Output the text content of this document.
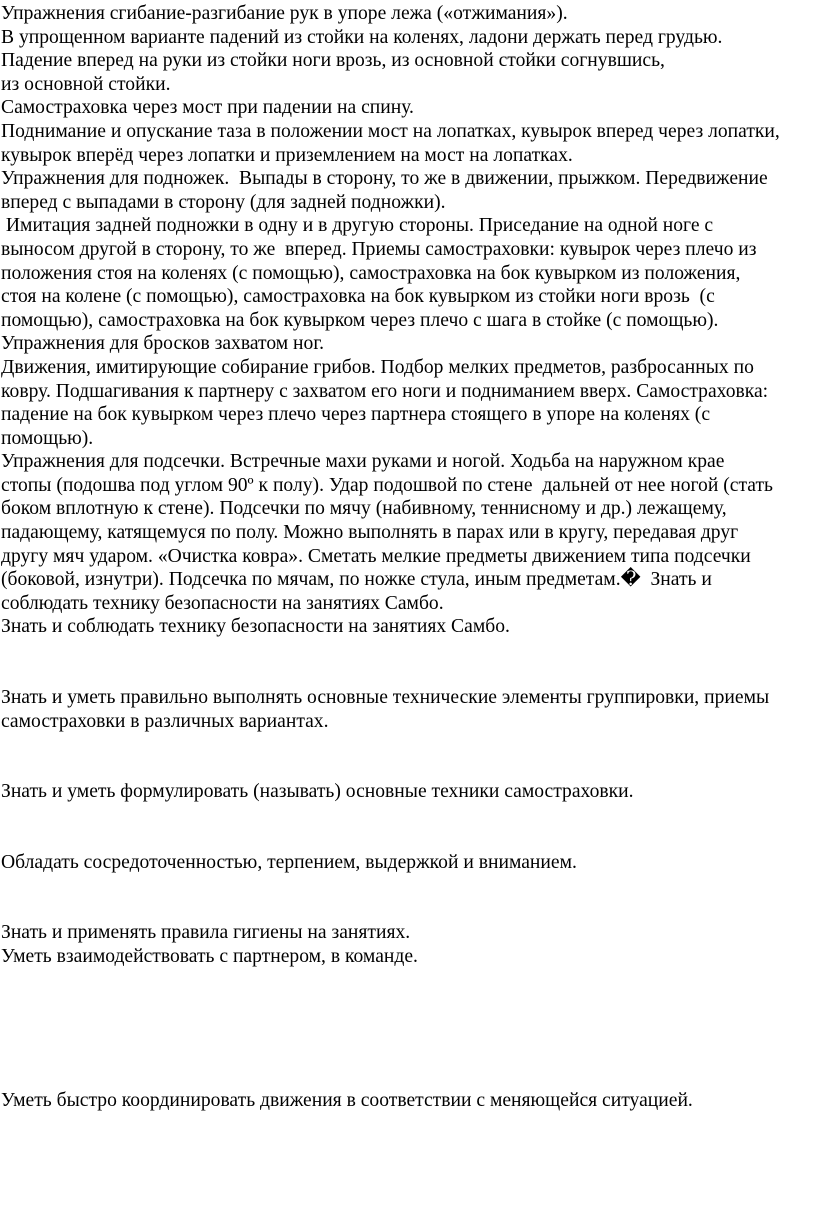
Упражнения сгибание-разгибание рук в упоре лежа («отжимания»).
В упрощенном варианте падений из стойки на коленях, ладони держать перед грудью.
Падение вперед на руки из стойки ноги врозь, из основной стойки согнувшись,
из основной стойки.
Самостраховка через мост при падении на спину.
Поднимание и опускание таза в положении мост на лопатках, кувырок вперед через лопатки,
кувырок вперёд через лопатки и приземлением на мост на лопатках.
Упражнения для подножек.  Выпады в сторону, то же в движении, прыжком. Передвижение
вперед с выпадами в сторону (для задней подножки).
Имитация задней подножки в одну и в другую стороны. Приседание на одной ноге с
выносом другой в сторону, то же  вперед. Приемы самостраховки: кувырок через плечо из
положения стоя на коленях (с помощью), самостраховка на бок кувырком из положения,
стоя на колене (с помощью), самостраховка на бок кувырком из стойки ноги врозь  (с
помощью), самостраховка на бок кувырком через плечо с шага в стойке (с помощью).
Упражнения для бросков захватом ног.
Движения, имитирующие собирание грибов. Подбор мелких предметов, разбросанных по
ковру. Подшагивания к партнеру с захватом его ноги и подниманием вверх. Самостраховка:
падение на бок кувырком через плечо через партнера стоящего в упоре на коленях (с
помощью).
Упражнения для подсечки. Встречные махи руками и ногой. Ходьба на наружном крае
стопы (подошва под углом 90º к полу). Удар подошвой по стене  дальней от нее ногой (стать
боком вплотную к стене). Подсечки по мячу (набивному, теннисному и др.) лежащему,
падающему, катящемуся по полу. Можно выполнять в парах или в кругу, передавая друг
другу мяч ударом. «Очистка ковра». Сметать мелкие предметы движением типа подсечки
(боковой, изнутри). Подсечка по мячам, по ножке стула, иным предметам.�  Знать и
соблюдать технику безопасности на занятиях Самбо.
Знать и соблюдать технику безопасности на занятиях Самбо.
Знать и уметь правильно выполнять основные технические элементы группировки, приемы
самостраховки в различных вариантах.
Знать и уметь формулировать (называть) основные техники самостраховки.
Обладать сосредоточенностью, терпением, выдержкой и вниманием.
Знать и применять правила гигиены на занятиях.
Уметь взаимодействовать с партнером, в команде.
Уметь быстро координировать движения в соответствии с меняющейся ситуацией.
